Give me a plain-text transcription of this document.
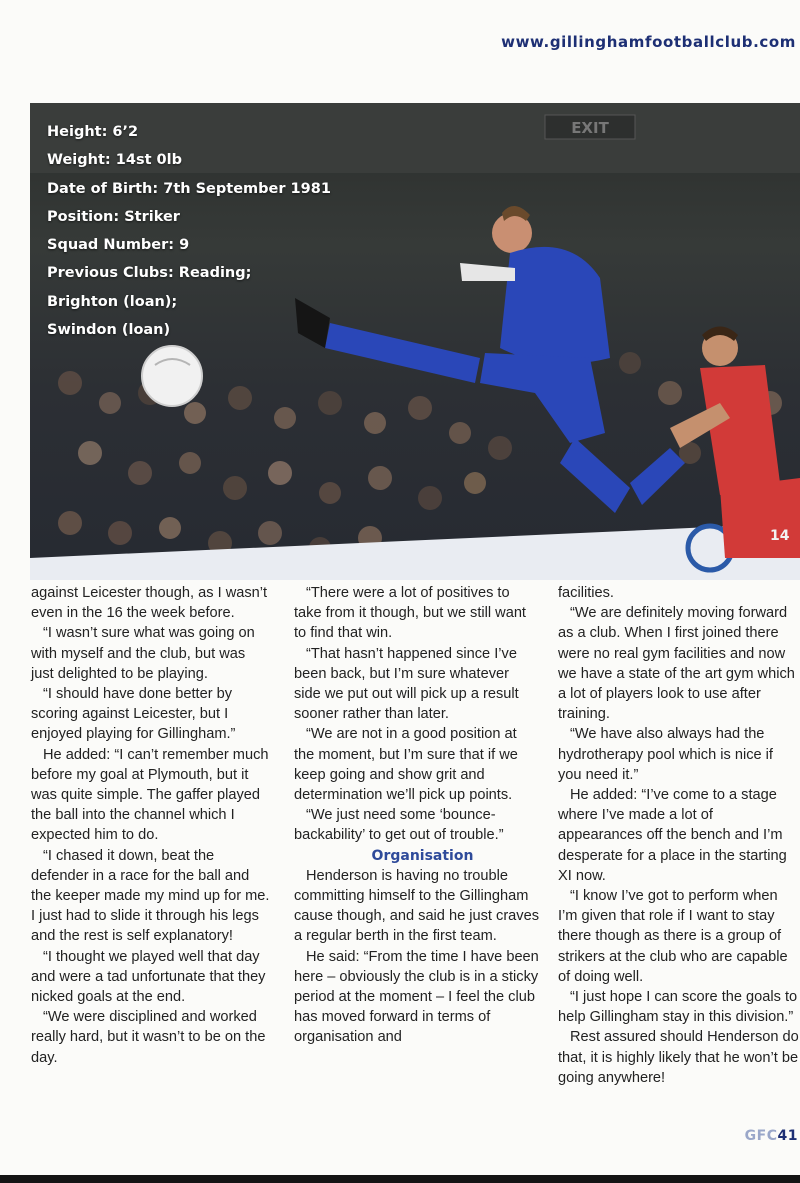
www.gillinghamfootballclub.com
EXIT
14
Height: 6’2
Weight: 14st 0lb
Date of Birth: 7th September 1981
Position: Striker
Squad Number: 9
Previous Clubs: Reading;
Brighton (loan);
Swindon (loan)

against Leicester though, as I wasn’t even in the 16 the week before.

“I wasn’t sure what was going on with myself and the club, but was just delighted to be playing.

“I should have done better by scoring against Leicester, but I enjoyed playing for Gillingham.”

He added: “I can’t remember much before my goal at Plymouth, but it was quite simple. The gaffer played the ball into the channel which I expected him to do.

“I chased it down, beat the defender in a race for the ball and the keeper made my mind up for me. I just had to slide it through his legs and the rest is self explanatory!

“I thought we played well that day and were a tad unfortunate that they nicked goals at the end.

“We were disciplined and worked really hard, but it wasn’t to be on the day.

“There were a lot of positives to take from it though, but we still want to find that win.

“That hasn’t happened since I’ve been back, but I’m sure whatever side we put out will pick up a result sooner rather than later.

“We are not in a good position at the moment, but I’m sure that if we keep going and show grit and determination we’ll pick up points.

“We just need some ‘bounce-backability’ to get out of trouble.”

Organisation

Henderson is having no trouble committing himself to the Gillingham cause though, and said he just craves a regular berth in the first team.

He said: “From the time I have been here – obviously the club is in a sticky period at the moment – I feel the club has moved forward in terms of organisation and

facilities.

“We are definitely moving forward as a club. When I first joined there were no real gym facilities and now we have a state of the art gym which a lot of players look to use after training.

“We have also always had the hydrotherapy pool which is nice if you need it.”

He added: “I’ve come to a stage where I’ve made a lot of appearances off the bench and I’m desperate for a place in the starting XI now.

“I know I’ve got to perform when I’m given that role if I want to stay there though as there is a group of strikers at the club who are capable of doing well.

“I just hope I can score the goals to help Gillingham stay in this division.”

Rest assured should Henderson do that, it is highly likely that he won’t be going anywhere!

GFC41
